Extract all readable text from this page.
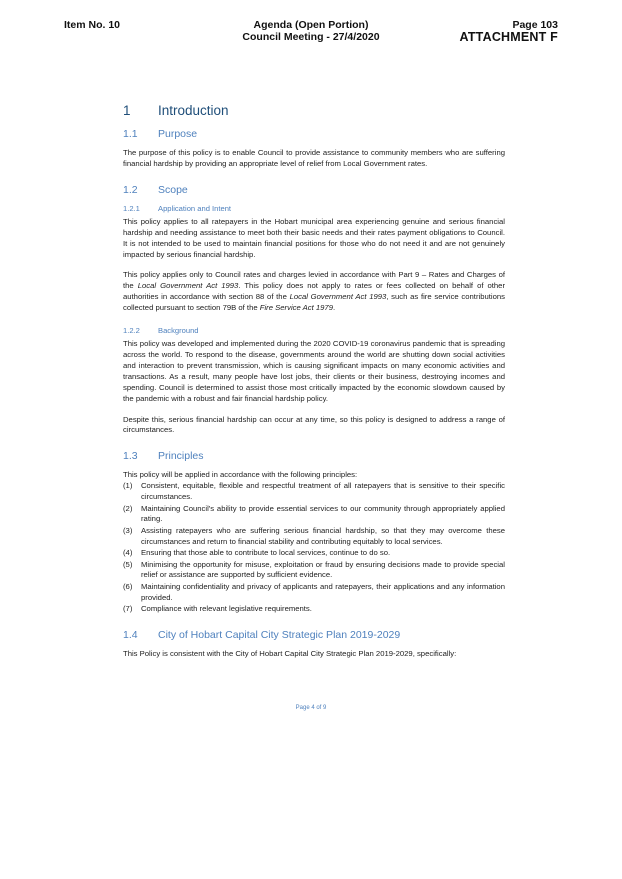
Item No. 10	Agenda (Open Portion)
Council Meeting - 27/4/2020
Page 103
ATTACHMENT F
1 Introduction
1.1 Purpose

The purpose of this policy is to enable Council to provide assistance to community members who are suffering financial hardship by providing an appropriate level of relief from Local Government rates.

1.2 Scope
1.2.1 Application and Intent

This policy applies to all ratepayers in the Hobart municipal area experiencing genuine and serious financial hardship and needing assistance to meet both their basic needs and their rates payment obligations to Council. It is not intended to be used to maintain financial positions for those who do not need it and are not genuinely impacted by serious financial hardship.

This policy applies only to Council rates and charges levied in accordance with Part 9 – Rates and Charges of the Local Government Act 1993. This policy does not apply to rates or fees collected on behalf of other authorities in accordance with section 88 of the Local Government Act 1993, such as fire service contributions collected pursuant to section 79B of the Fire Service Act 1979.

1.2.2 Background

This policy was developed and implemented during the 2020 COVID-19 coronavirus pandemic that is spreading across the world. To respond to the disease, governments around the world are shutting down social activities and interaction to prevent transmission, which is causing significant impacts on many economic activities and transactions. As a result, many people have lost jobs, their clients or their business, destroying incomes and spending. Council is determined to assist those most critically impacted by the economic slowdown caused by the pandemic with a robust and fair financial hardship policy.

Despite this, serious financial hardship can occur at any time, so this policy is designed to address a range of circumstances.

1.3 Principles

This policy will be applied in accordance with the following principles:

(1) Consistent, equitable, flexible and respectful treatment of all ratepayers that is sensitive to their specific circumstances.
(2) Maintaining Council's ability to provide essential services to our community through appropriately applied rating.
(3) Assisting ratepayers who are suffering serious financial hardship, so that they may overcome these circumstances and return to financial stability and contributing equitably to local services.
(4) Ensuring that those able to contribute to local services, continue to do so.
(5) Minimising the opportunity for misuse, exploitation or fraud by ensuring decisions made to provide special relief or assistance are supported by sufficient evidence.
(6) Maintaining confidentiality and privacy of applicants and ratepayers, their applications and any information provided.
(7) Compliance with relevant legislative requirements.
1.4 City of Hobart Capital City Strategic Plan 2019-2029

This Policy is consistent with the City of Hobart Capital City Strategic Plan 2019-2029, specifically:

Page 4 of 9
